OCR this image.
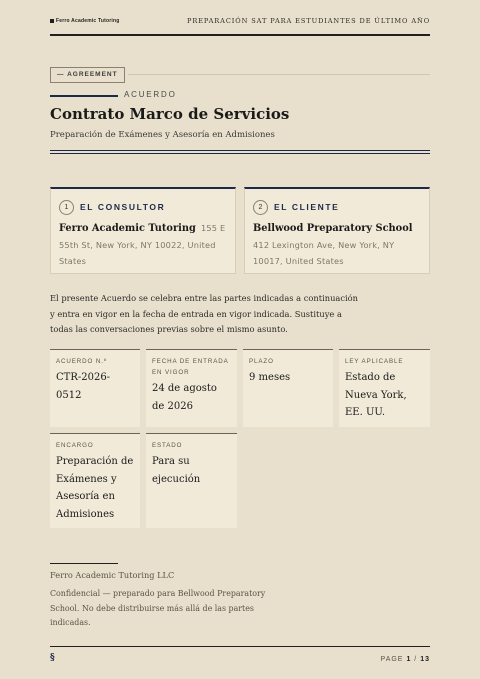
Ferro Academic Tutoring	PREPARACIÓN SAT PARA ESTUDIANTES DE ÚLTIMO AÑO
— AGREEMENT
ACUERDO
Contrato Marco de Servicios
Preparación de Exámenes y Asesoría en Admisiones
1	EL CONSULTOR
Ferro Academic Tutoring 155 E 55th St, New York, NY 10022, United States
2	EL CLIENTE
Bellwood Preparatory School 412 Lexington Ave, New York, NY 10017, United States

El presente Acuerdo se celebra entre las partes indicadas a continuación y entra en vigor en la fecha de entrada en vigor indicada. Sustituye a todas las conversaciones previas sobre el mismo asunto.

ACUERDO N.º
CTR-2026-0512
FECHA DE ENTRADA EN VIGOR
24 de agosto de 2026
PLAZO
9 meses
LEY APLICABLE
Estado de Nueva York, EE. UU.
ENCARGO
Preparación de Exámenes y Asesoría en Admisiones
ESTADO
Para su ejecución
Ferro Academic Tutoring LLC

Confidencial — preparado para Bellwood Preparatory School. No debe distribuirse más allá de las partes indicadas.

§	PAGE 1 / 13
